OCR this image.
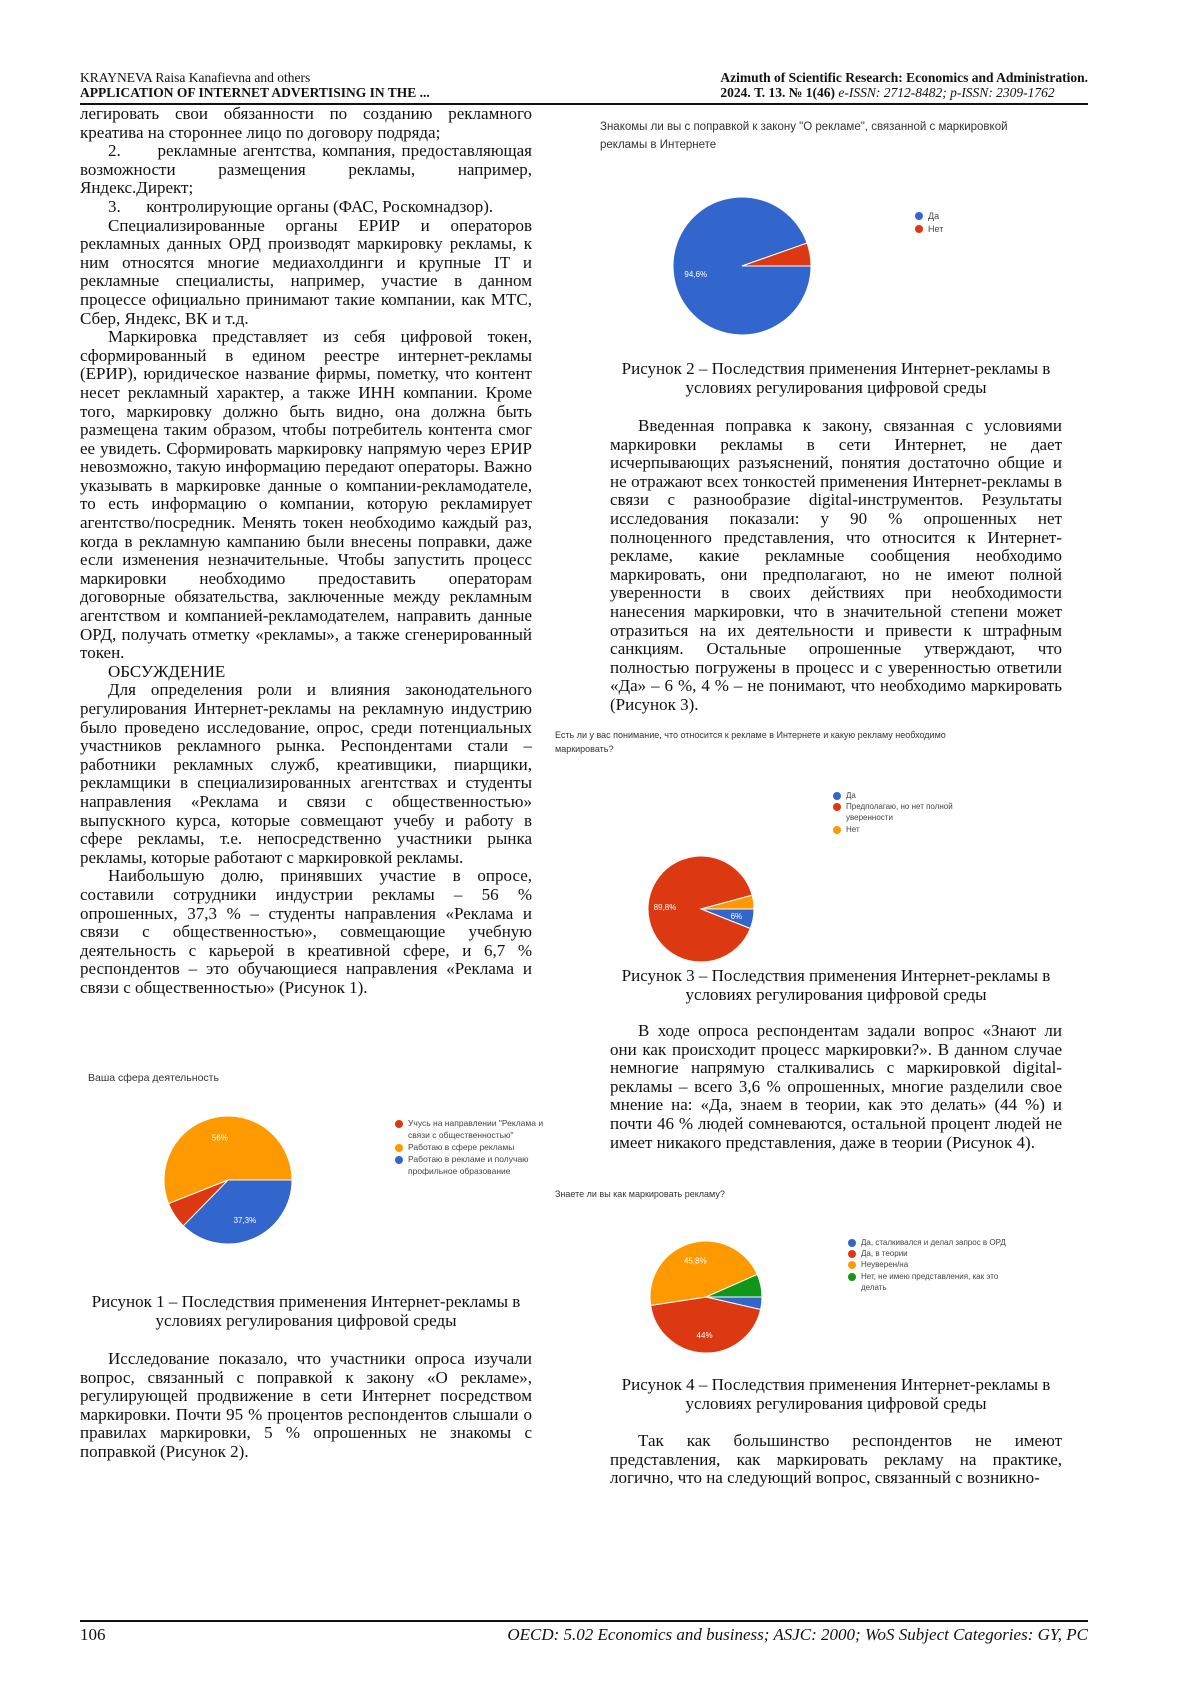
KRAYNEVA Raisa Kanafievna and others
APPLICATION OF INTERNET ADVERTISING IN THE ...
Azimuth of Scientific Research: Economics and Administration.
2024. Т. 13. № 1(46) e-ISSN: 2712-8482; p-ISSN: 2309-1762

легировать свои обязанности по созданию рекламного креатива на стороннее лицо по договору подряда;

2.      рекламные агентства, компания, предоставляющая возможности размещения рекламы, например, Яндекс.Директ;

3.      контролирующие органы (ФАС, Роскомнадзор).

Специализированные органы ЕРИР и операторов рекламных данных ОРД производят маркировку рекламы, к ним относятся многие медиахолдинги и крупные IT и рекламные специалисты, например, участие в данном процессе официально принимают такие компании, как МТС, Сбер, Яндекс, ВК и т.д.

Маркировка представляет из себя цифровой токен, сформированный в едином реестре интернет-рекламы (ЕРИР), юридическое название фирмы, пометку, что контент несет рекламный характер, а также ИНН компании. Кроме того, маркировку должно быть видно, она должна быть размещена таким образом, чтобы потребитель контента смог ее увидеть. Сформировать маркировку напрямую через ЕРИР невозможно, такую информацию передают операторы. Важно указывать в маркировке данные о компании-рекламодателе, то есть информацию о компании, которую рекламирует агентство/посредник. Менять токен необходимо каждый раз, когда в рекламную кампанию были внесены поправки, даже если изменения незначительные. Чтобы запустить процесс маркировки необходимо предоставить операторам договорные обязательства, заключенные между рекламным агентством и компанией-рекламодателем, направить данные ОРД, получать отметку «рекламы», а также сгенерированный токен.

ОБСУЖДЕНИЕ

Для определения роли и влияния законодательного регулирования Интернет-рекламы на рекламную индустрию было проведено исследование, опрос, среди потенциальных участников рекламного рынка. Респондентами стали – работники рекламных служб, креативщики, пиарщики, рекламщики в специализированных агентствах и студенты направления «Реклама и связи с общественностью» выпускного курса, которые совмещают учебу и работу в сфере рекламы, т.е. непосредственно участники рынка рекламы, которые работают с маркировкой рекламы.

Наибольшую долю, принявших участие в опросе, составили сотрудники индустрии рекламы – 56 % опрошенных, 37,3 % – студенты направления «Реклама и связи с общественностью», совмещающие учебную деятельность с карьерой в креативной сфере, и 6,7 % респондентов – это обучающиеся направления «Реклама и связи с общественностью» (Рисунок 1).

Ваша сфера деятельность
37,3%
56%
Учусь на направлении "Реклама и связи с общественностью"
Работаю в сфере рекламы
Работаю в рекламе и получаю профильное образование
Рисунок 1 – Последствия применения Интернет-рекламы в условиях регулирования цифровой среды

Исследование показало, что участники опроса изучали вопрос, связанный с поправкой к закону «О рекламе», регулирующей продвижение в сети Интернет посредством маркировки. Почти 95 % процентов респондентов слышали о правилах маркировки, 5 % опрошенных не знакомы с поправкой (Рисунок 2).

Знакомы ли вы с поправкой к закону "О рекламе", связанной с маркировкой рекламы в Интернете
94,6%
Да
Нет
Рисунок 2 – Последствия применения Интернет-рекламы в условиях регулирования цифровой среды

Введенная поправка к закону, связанная с условиями маркировки рекламы в сети Интернет, не дает исчерпывающих разъяснений, понятия достаточно общие и не отражают всех тонкостей применения Интернет-рекламы в связи с разнообразие digital-инструментов. Результаты исследования показали: у 90 % опрошенных нет полноценного представления, что относится к Интернет-рекламе, какие рекламные сообщения необходимо маркировать, они предполагают, но не имеют полной уверенности в своих действиях при необходимости нанесения маркировки, что в значительной степени может отразиться на их деятельности и привести к штрафным санкциям. Остальные опрошенные утверждают, что полностью погружены в процесс и с уверенностью ответили «Да» – 6 %, 4 % – не понимают, что необходимо маркировать (Рисунок 3).

Есть ли у вас понимание, что относится к рекламе в Интернете и какую рекламу необходимо маркировать?
6%
89,8%
Да
Предполагаю, но нет полной уверенности
Нет
Рисунок 3 – Последствия применения Интернет-рекламы в условиях регулирования цифровой среды

В ходе опроса респондентам задали вопрос «Знают ли они как происходит процесс маркировки?». В данном случае немногие напрямую сталкивались с маркировкой digital-рекламы – всего 3,6 % опрошенных, многие разделили свое мнение на: «Да, знаем в теории, как это делать» (44 %) и почти 46 % людей сомневаются, остальной процент людей не имеет никакого представления, даже в теории (Рисунок 4).

Знаете ли вы как маркировать рекламу?
44%
45,8%
Да, сталкивался и делал запрос в ОРД
Да, в теории
Неуверен/на
Нет, не имею представления, как это делать
Рисунок 4 – Последствия применения Интернет-рекламы в условиях регулирования цифровой среды

Так как большинство респондентов не имеют представления, как маркировать рекламу на практике, логично, что на следующий вопрос, связанный с возникно-

106	OECD: 5.02 Economics and business; ASJC: 2000; WoS Subject Categories: GY, PC
